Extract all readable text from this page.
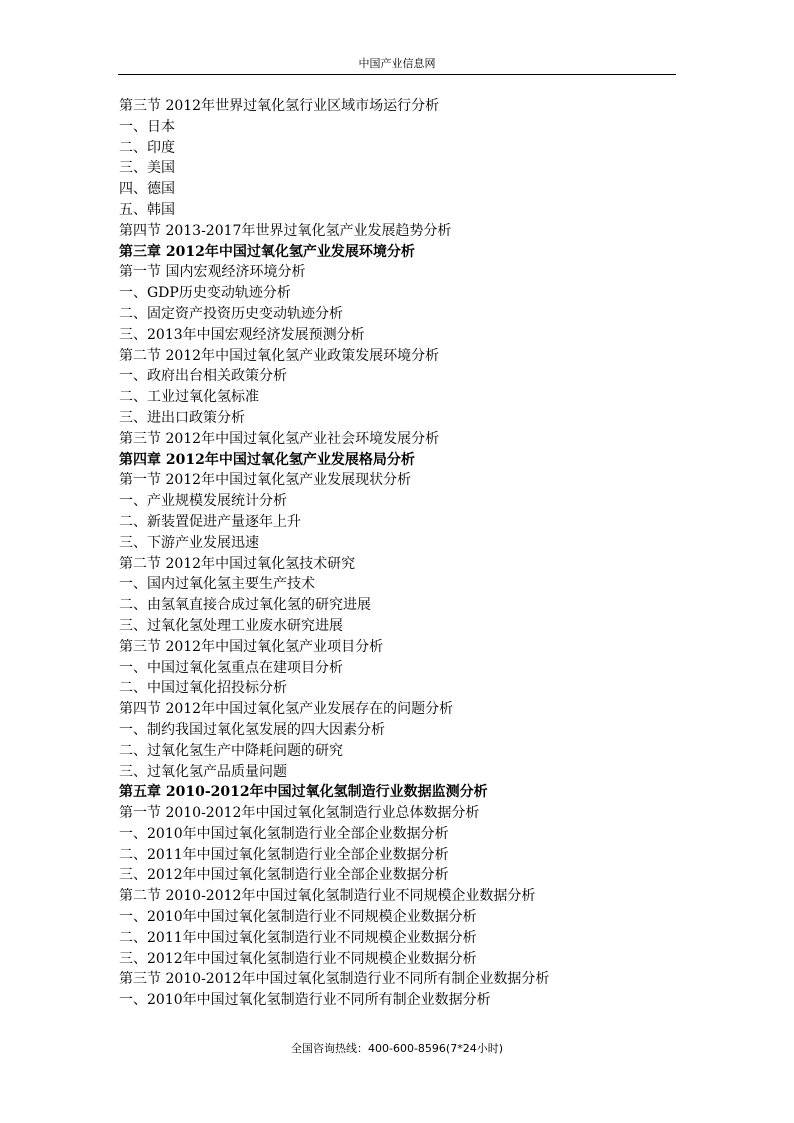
中国产业信息网
第三节 2012年世界过氧化氢行业区域市场运行分析
一、日本
二、印度
三、美国
四、德国
五、韩国
第四节 2013-2017年世界过氧化氢产业发展趋势分析
第三章 2012年中国过氧化氢产业发展环境分析
第一节 国内宏观经济环境分析
一、GDP历史变动轨迹分析
二、固定资产投资历史变动轨迹分析
三、2013年中国宏观经济发展预测分析
第二节 2012年中国过氧化氢产业政策发展环境分析
一、政府出台相关政策分析
二、工业过氧化氢标准
三、进出口政策分析
第三节 2012年中国过氧化氢产业社会环境发展分析
第四章 2012年中国过氧化氢产业发展格局分析
第一节 2012年中国过氧化氢产业发展现状分析
一、产业规模发展统计分析
二、新装置促进产量逐年上升
三、下游产业发展迅速
第二节 2012年中国过氧化氢技术研究
一、国内过氧化氢主要生产技术
二、由氢氧直接合成过氧化氢的研究进展
三、过氧化氢处理工业废水研究进展
第三节 2012年中国过氧化氢产业项目分析
一、中国过氧化氢重点在建项目分析
二、中国过氧化招投标分析
第四节 2012年中国过氧化氢产业发展存在的问题分析
一、制约我国过氧化氢发展的四大因素分析
二、过氧化氢生产中降耗问题的研究
三、过氧化氢产品质量问题
第五章 2010-2012年中国过氧化氢制造行业数据监测分析
第一节 2010-2012年中国过氧化氢制造行业总体数据分析
一、2010年中国过氧化氢制造行业全部企业数据分析
二、2011年中国过氧化氢制造行业全部企业数据分析
三、2012年中国过氧化氢制造行业全部企业数据分析
第二节 2010-2012年中国过氧化氢制造行业不同规模企业数据分析
一、2010年中国过氧化氢制造行业不同规模企业数据分析
二、2011年中国过氧化氢制造行业不同规模企业数据分析
三、2012年中国过氧化氢制造行业不同规模企业数据分析
第三节 2010-2012年中国过氧化氢制造行业不同所有制企业数据分析
一、2010年中国过氧化氢制造行业不同所有制企业数据分析
全国咨询热线：400-600-8596(7*24小时)
